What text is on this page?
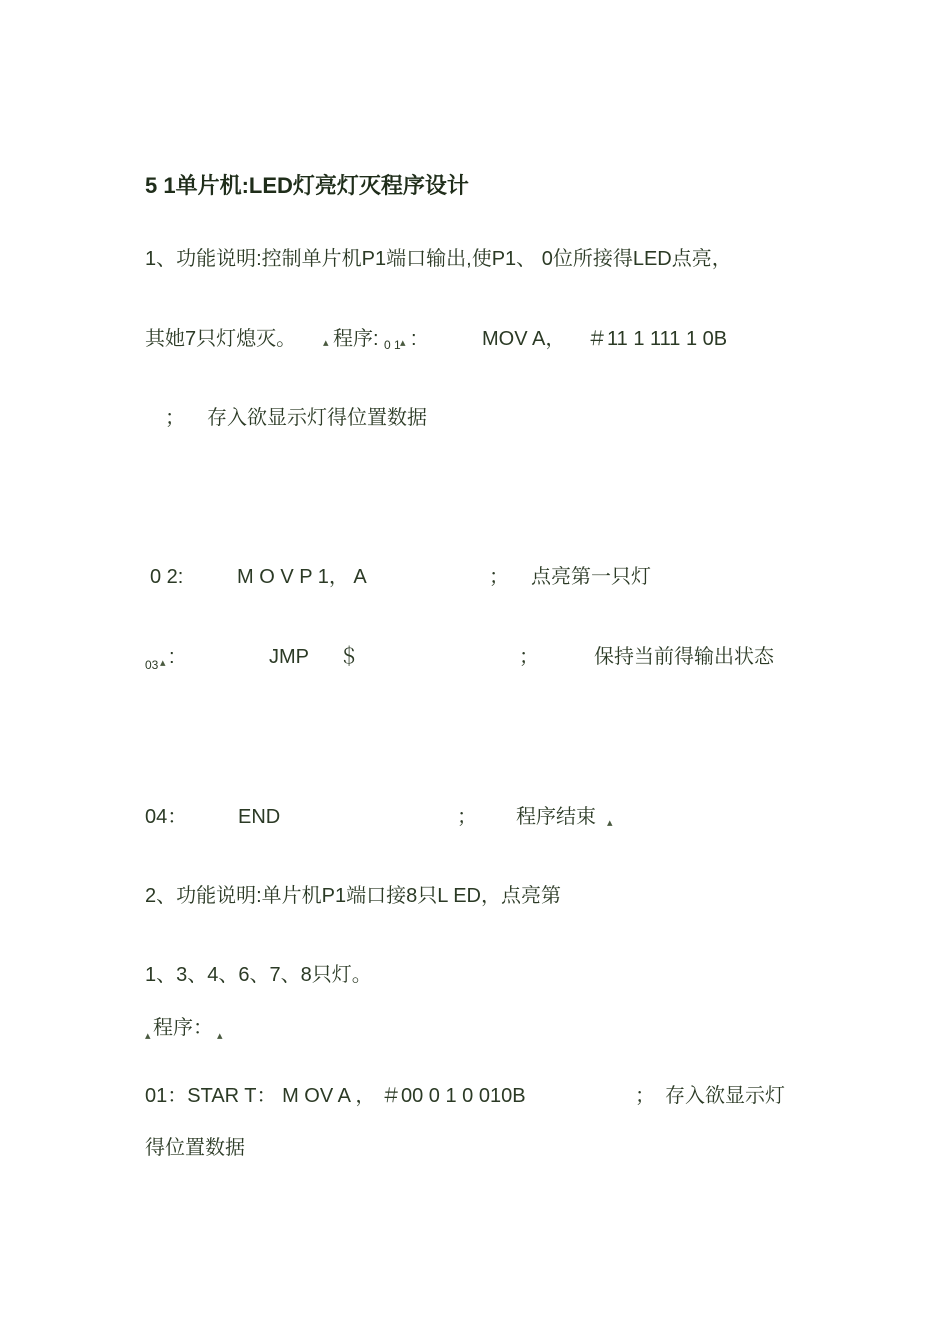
5 1单片机:LED灯亮灯灭程序设计
1、功能说明:控制单片机P1端口输出,使P1、 0位所接得LED点亮，
其她7只灯熄灭。 ▴ 程序: 0 1 ▴ :	MOV A， ＃11 1 111 1 0B
； 存入欲显示灯得位置数据
0 2:	M O V P 1， A	； 点亮第一只灯
03 ▴ :	JMP ＄	；	保持当前得输出状态
04：	END	； 程序结束 ▴
2、功能说明:单片机P1端口接8只L ED，点亮第
1、3、4、6、7、8只灯。
▴ 程序： ▴
01：STAR T： M OV A ， ＃00 0 1 0 010B	； 存入欲显示灯
得位置数据
